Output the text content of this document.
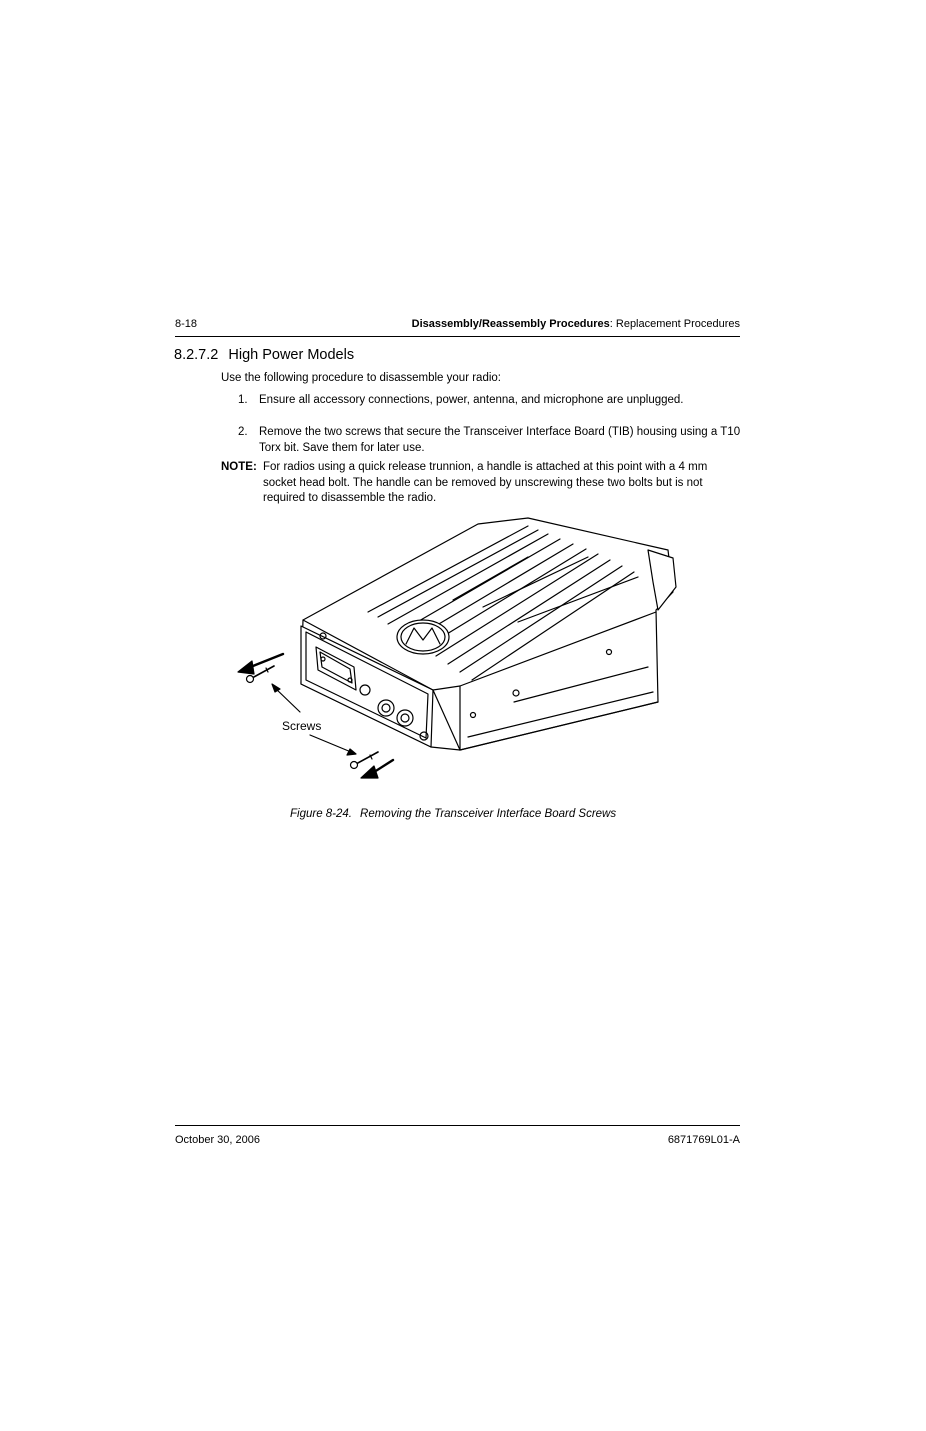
8-18	Disassembly/Reassembly Procedures: Replacement Procedures
8.2.7.2 High Power Models
Use the following procedure to disassemble your radio:
1. Ensure all accessory connections, power, antenna, and microphone are unplugged.
2. Remove the two screws that secure the Transceiver Interface Board (TIB) housing using a T10 Torx bit. Save them for later use.
NOTE: For radios using a quick release trunnion, a handle is attached at this point with a 4 mm socket head bolt. The handle can be removed by unscrewing these two bolts but is not required to disassemble the radio.
Screws
Figure 8-24. Removing the Transceiver Interface Board Screws
October 30, 2006	6871769L01-A
